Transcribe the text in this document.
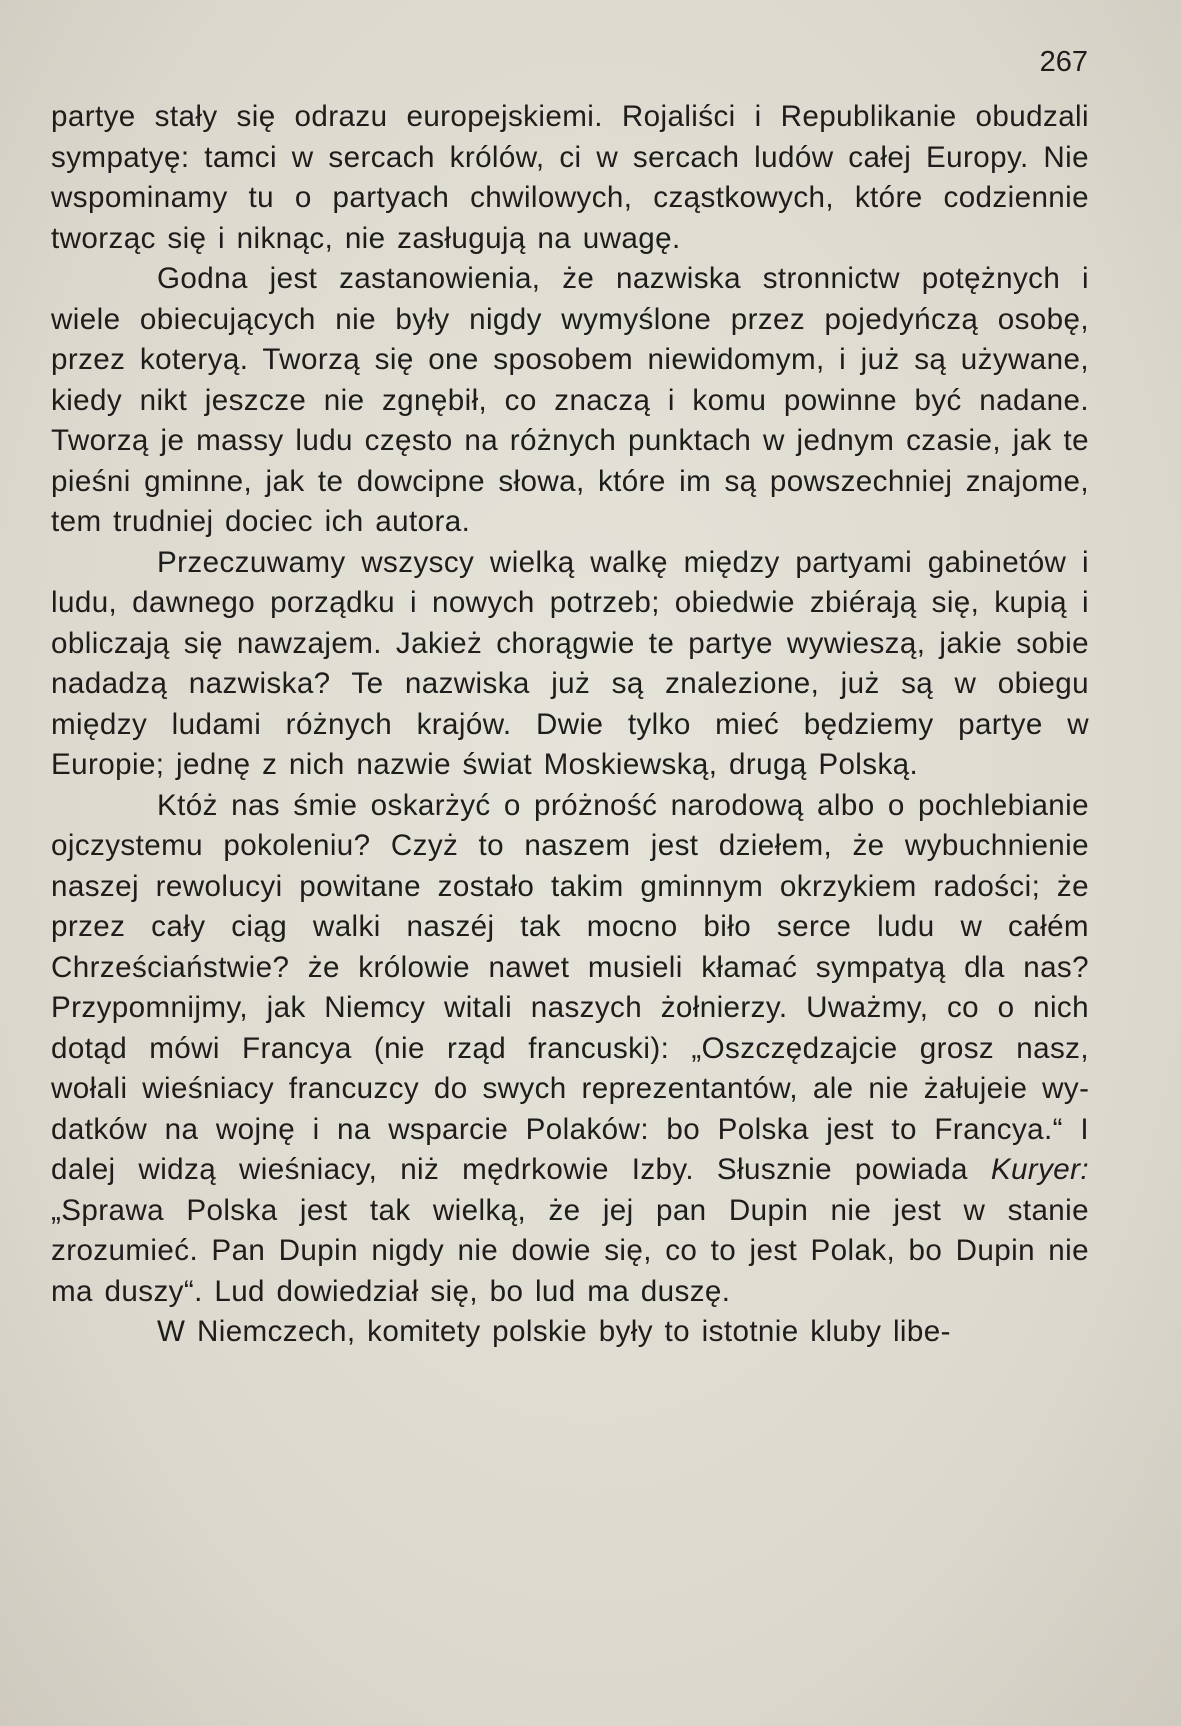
267

partye stały się odrazu europejskiemi. Rojaliści i Republikanie obudzali sympatyę: tamci w sercach królów, ci w sercach ludów całej Europy. Nie wspominamy tu o partyach chwilowych, cząstkowych, które codziennie tworząc się i niknąc, nie zasługują na uwagę.

Godna jest zastanowienia, że nazwiska stronnictw potężnych i wiele obiecujących nie były nigdy wymyślone przez pojedyńczą osobę, przez koteryą. Tworzą się one sposobem niewidomym, i już są używane, kiedy nikt jeszcze nie zgnębił, co znaczą i komu powinne być nadane. Tworzą je massy ludu często na różnych punktach w jednym czasie, jak te pieśni gminne, jak te dowcipne słowa, które im są powszechniej znajome, tem trudniej dociec ich autora.

Przeczuwamy wszyscy wielką walkę między partyami gabinetów i ludu, dawnego porządku i nowych potrzeb; obiedwie zbiérają się, kupią i obliczają się nawzajem. Jakież chorągwie te partye wywieszą, jakie sobie nadadzą nazwiska? Te nazwiska już są znalezione, już są w obiegu między ludami różnych krajów. Dwie tylko mieć będziemy partye w Europie; jednę z nich nazwie świat Moskiewską, drugą Polską.

Któż nas śmie oskarżyć o próżność narodową albo o pochlebianie ojczystemu pokoleniu? Czyż to naszem jest dziełem, że wybuchnienie naszej rewolucyi powitane zostało takim gminnym okrzykiem radości; że przez cały ciąg walki naszéj tak mocno biło serce ludu w całém Chrześciaństwie? że królowie nawet musieli kłamać sympatyą dla nas? Przypomnijmy, jak Niemcy witali naszych żołnierzy. Uważmy, co o nich dotąd mówi Francya (nie rząd francuski): „Oszczędzajcie grosz nasz, wołali wieśniacy francuzcy do swych reprezentantów, ale nie żałujeie wydatków na wojnę i na wsparcie Polaków: bo Polska jest to Francya.“ I dalej widzą wieśniacy, niż mędrkowie Izby. Słusznie powiada Kuryer: „Sprawa Polska jest tak wielką, że jej pan Dupin nie jest w stanie zrozumieć. Pan Dupin nigdy nie dowie się, co to jest Polak, bo Dupin nie ma duszy“. Lud dowiedział się, bo lud ma duszę.

W Niemczech, komitety polskie były to istotnie kluby libe-
